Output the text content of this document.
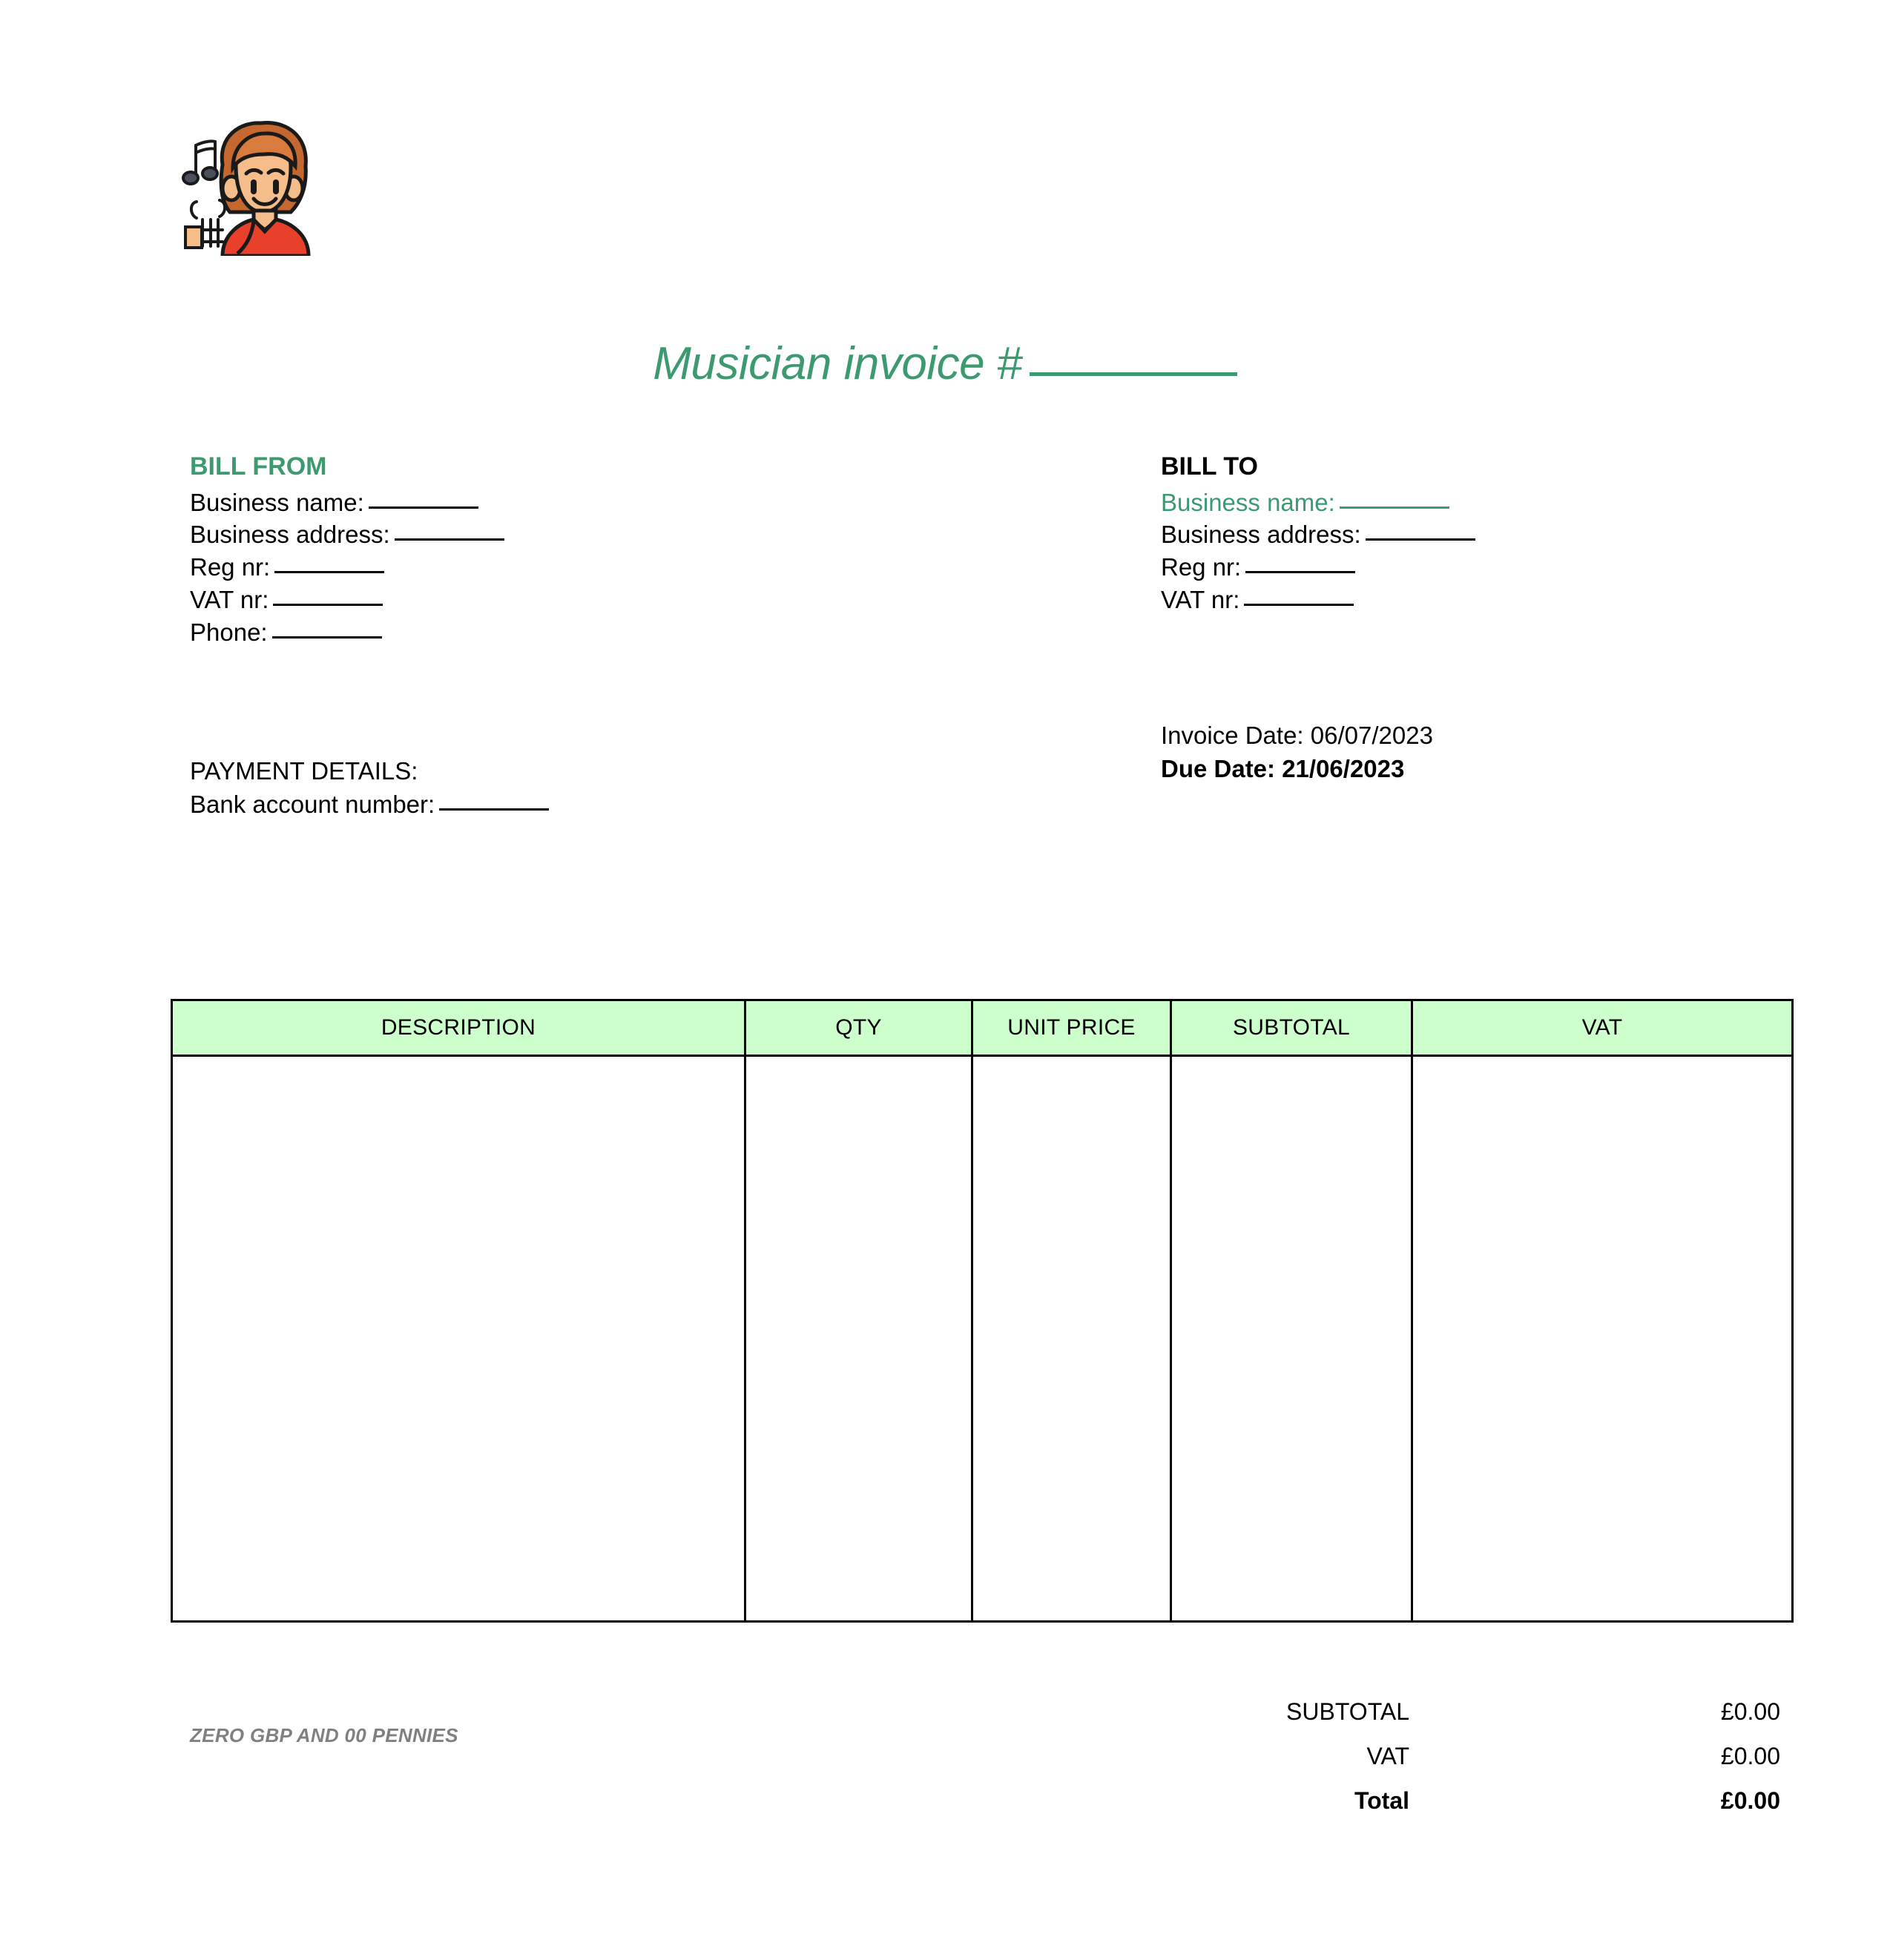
Musician invoice #
BILL FROM
Business name:
Business address:
Reg nr:
VAT nr:
Phone:
BILL TO
Business name:
Business address:
Reg nr:
VAT nr:
Invoice Date: 06/07/2023
Due Date: 21/06/2023
PAYMENT DETAILS:
Bank account number:
DESCRIPTION	QTY	UNIT PRICE	SUBTOTAL	VAT

ZERO GBP AND 00 PENNIES
SUBTOTAL	£0.00
VAT	£0.00
Total	£0.00
